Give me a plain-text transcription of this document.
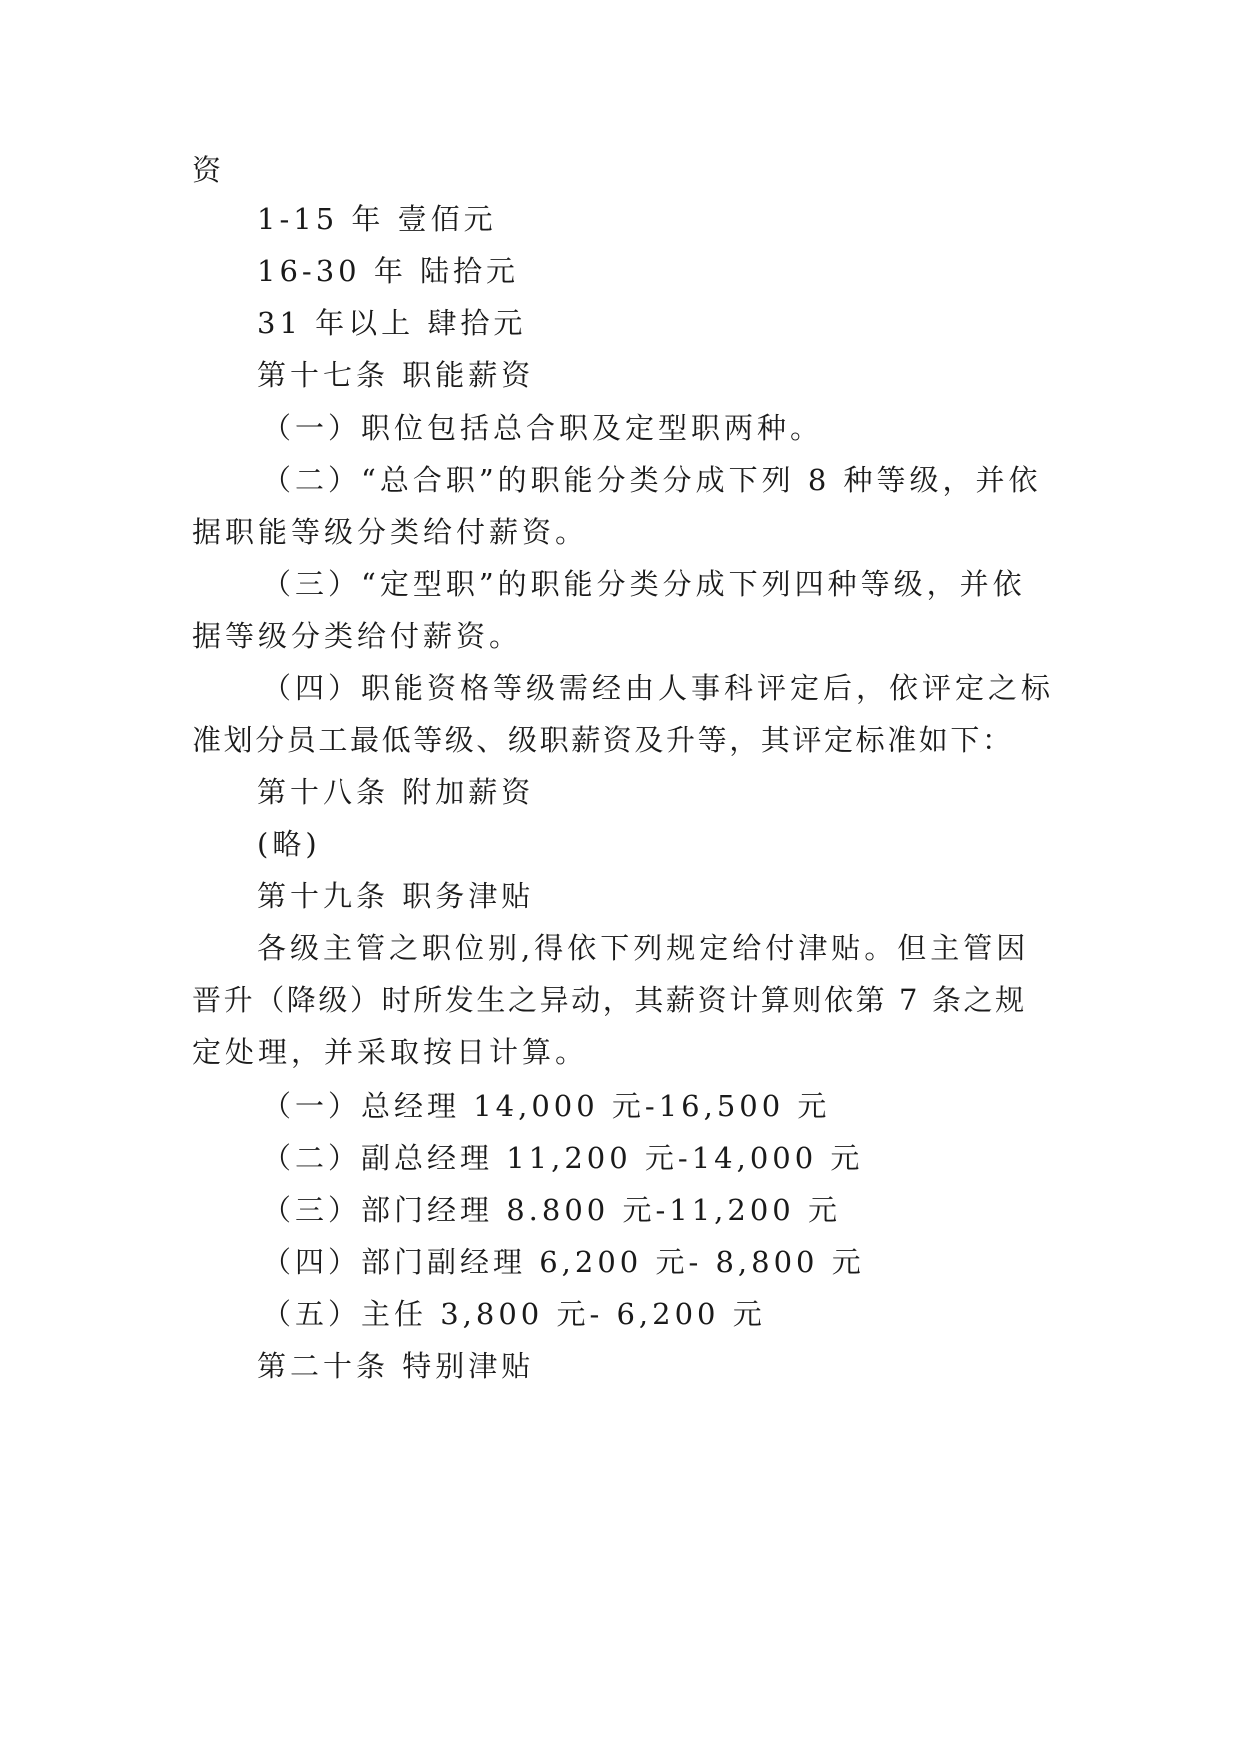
资
1-15 年 壹佰元
16-30 年 陆拾元
31 年以上 肆拾元
第十七条 职能薪资
（一）职位包括总合职及定型职两种。
（二）“总合职”的职能分类分成下列 8 种等级，并依
据职能等级分类给付薪资。
（三）“定型职”的职能分类分成下列四种等级，并依
据等级分类给付薪资。
（四）职能资格等级需经由人事科评定后，依评定之标
准划分员工最低等级、级职薪资及升等，其评定标准如下：
第十八条 附加薪资
(略)
第十九条 职务津贴
各级主管之职位别,得依下列规定给付津贴。但主管因
晋升（降级）时所发生之异动，其薪资计算则依第 7 条之规
定处理，并采取按日计算。
（一）总经理 14,000 元-16,500 元
（二）副总经理 11,200 元-14,000 元
（三）部门经理 8.800 元-11,200 元
（四）部门副经理 6,200 元- 8,800 元
（五）主任 3,800 元- 6,200 元
第二十条 特别津贴
